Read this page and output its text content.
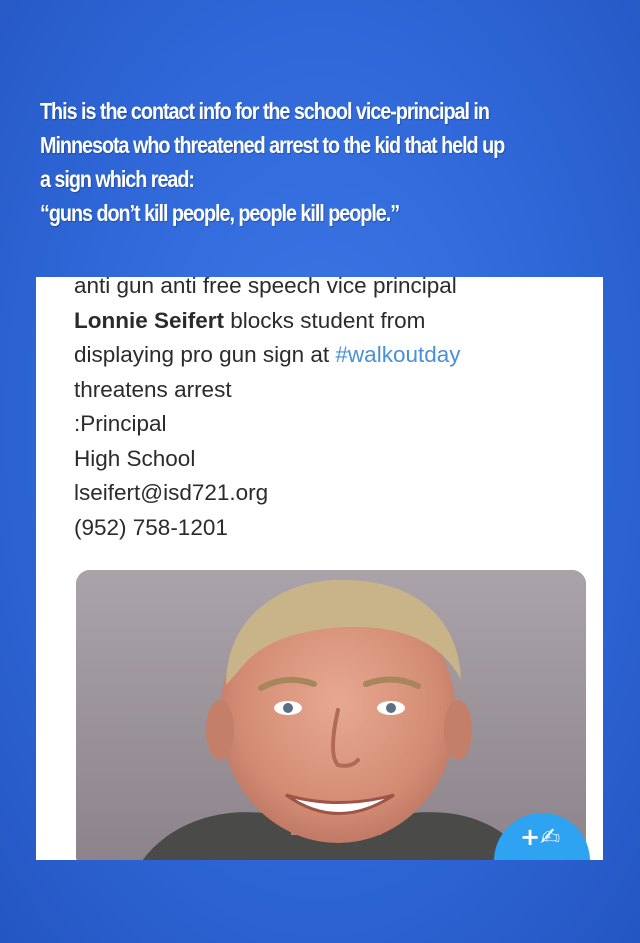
This is the contact info for the school vice-principal in
Minnesota who threatened arrest to the kid that held up
a sign which read:
“guns don’t kill people, people kill people.”
anti gun anti free speech vice principal
Lonnie Seifert blocks student from
displaying pro gun sign at #walkoutday
threatens arrest
:Principal
High School
lseifert@isd721.org
(952) 758-1201
+✍
